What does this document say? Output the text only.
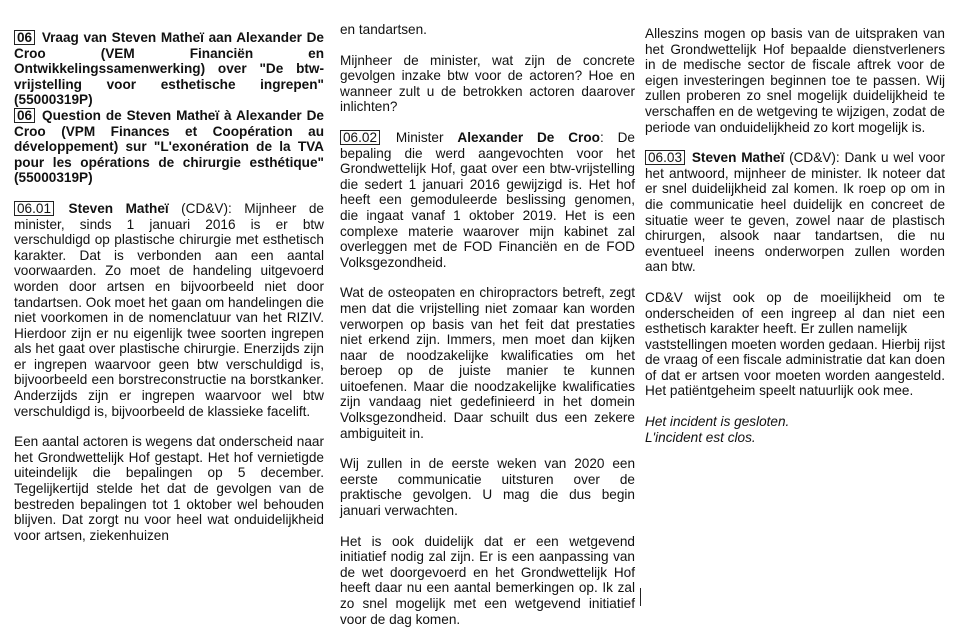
06 Vraag van Steven Matheï aan Alexander De Croo (VEM Financiën en Ontwikkelingssamenwerking) over "De btw-vrijstelling voor esthetische ingrepen" (55000319P)

06 Question de Steven Matheï à Alexander De Croo (VPM Finances et Coopération au développement) sur "L'exonération de la TVA pour les opérations de chirurgie esthétique" (55000319P)

06.01 Steven Matheï (CD&V): Mijnheer de minister, sinds 1 januari 2016 is er btw verschuldigd op plastische chirurgie met esthetisch karakter. Dat is verbonden aan een aantal voorwaarden. Zo moet de handeling uitgevoerd worden door artsen en bijvoorbeeld niet door tandartsen. Ook moet het gaan om handelingen die niet voorkomen in de nomenclatuur van het RIZIV. Hierdoor zijn er nu eigenlijk twee soorten ingrepen als het gaat over plastische chirurgie. Enerzijds zijn er ingrepen waarvoor geen btw verschuldigd is, bijvoorbeeld een borstreconstructie na borstkanker. Anderzijds zijn er ingrepen waarvoor wel btw verschuldigd is, bijvoorbeeld de klassieke facelift.

Een aantal actoren is wegens dat onderscheid naar het Grondwettelijk Hof gestapt. Het hof vernietigde uiteindelijk die bepalingen op 5 december. Tegelijkertijd stelde het dat de gevolgen van de bestreden bepalingen tot 1 oktober wel behouden blijven. Dat zorgt nu voor heel wat onduidelijkheid voor artsen, ziekenhuizen

en tandartsen.

Mijnheer de minister, wat zijn de concrete gevolgen inzake btw voor de actoren? Hoe en wanneer zult u de betrokken actoren daarover inlichten?

06.02 Minister Alexander De Croo: De bepaling die werd aangevochten voor het Grondwettelijk Hof, gaat over een btw-vrijstelling die sedert 1 januari 2016 gewijzigd is. Het hof heeft een gemoduleerde beslissing genomen, die ingaat vanaf 1 oktober 2019. Het is een complexe materie waarover mijn kabinet zal overleggen met de FOD Financiën en de FOD Volksgezondheid.

Wat de osteopaten en chiropractors betreft, zegt men dat die vrijstelling niet zomaar kan worden verworpen op basis van het feit dat prestaties niet erkend zijn. Immers, men moet dan kijken naar de noodzakelijke kwalificaties om het beroep op de juiste manier te kunnen uitoefenen. Maar die noodzakelijke kwalificaties zijn vandaag niet gedefinieerd in het domein Volksgezondheid. Daar schuilt dus een zekere ambiguiteit in.

Wij zullen in de eerste weken van 2020 een eerste communicatie uitsturen over de praktische gevolgen. U mag die dus begin januari verwachten.

Het is ook duidelijk dat er een wetgevend initiatief nodig zal zijn. Er is een aanpassing van de wet doorgevoerd en het Grondwettelijk Hof heeft daar nu een aantal bemerkingen op. Ik zal zo snel mogelijk met een wetgevend initiatief voor de dag komen.

Alleszins mogen op basis van de uitspraken van het Grondwettelijk Hof bepaalde dienstverleners in de medische sector de fiscale aftrek voor de eigen investeringen beginnen toe te passen. Wij zullen proberen zo snel mogelijk duidelijkheid te verschaffen en de wetgeving te wijzigen, zodat de periode van onduidelijkheid zo kort mogelijk is.

06.03 Steven Matheï (CD&V): Dank u wel voor het antwoord, mijnheer de minister. Ik noteer dat er snel duidelijkheid zal komen. Ik roep op om in die communicatie heel duidelijk en concreet de situatie weer te geven, zowel naar de plastisch chirurgen, alsook naar tandartsen, die nu eventueel ineens onderworpen zullen worden aan btw.

CD&V wijst ook op de moeilijkheid om te onderscheiden of een ingreep al dan niet een esthetisch karakter heeft. Er zullen namelijk

vaststellingen moeten worden gedaan. Hierbij rijst de vraag of een fiscale administratie dat kan doen of dat er artsen voor moeten worden aangesteld. Het patiëntgeheim speelt natuurlijk ook mee.

Het incident is gesloten.

L'incident est clos.
